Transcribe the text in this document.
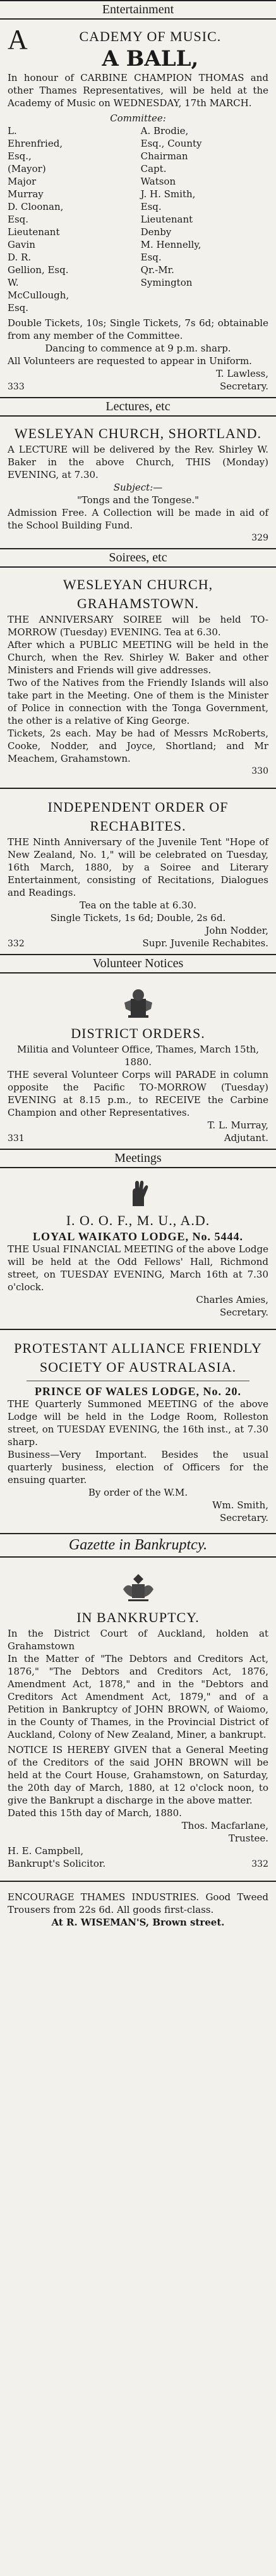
Entertainment
A	CADEMY OF MUSIC.
A BALL,
In honour of CARBINE CHAMPION THOMAS and other Thames Representatives, will be held at the Academy of Music on WEDNESDAY, 17th MARCH.
Committee:
L. Ehrenfried, Esq., (Mayor)
Major Murray
D. Cloonan, Esq.
Lieutenant Gavin
D. R. Gellion, Esq.
W. McCullough, Esq.
A. Brodie, Esq., County Chairman
Capt. Watson
J. H. Smith, Esq.
Lieutenant Denby
M. Hennelly, Esq.
Qr.-Mr. Symington
Double Tickets, 10s; Single Tickets, 7s 6d; obtainable from any member of the Committee.
Dancing to commence at 9 p.m. sharp.
All Volunteers are requested to appear in Uniform.
T. Lawless,
333	Secretary.
Lectures, etc
WESLEYAN CHURCH, SHORTLAND.
A LECTURE will be delivered by the Rev. Shirley W. Baker in the above Church, THIS (Monday) EVENING, at 7.30.
Subject:—
"Tongs and the Tongese."
Admission Free. A Collection will be made in aid of the School Building Fund.
329
Soirees, etc
WESLEYAN CHURCH, GRAHAMSTOWN.
THE ANNIVERSARY SOIREE will be held TO-MORROW (Tuesday) EVENING. Tea at 6.30.
After which a PUBLIC MEETING will be held in the Church, when the Rev. Shirley W. Baker and other Ministers and Friends will give addresses.
Two of the Natives from the Friendly Islands will also take part in the Meeting. One of them is the Minister of Police in connection with the Tonga Government, the other is a relative of King George.
Tickets, 2s each. May be had of Messrs McRoberts, Cooke, Nodder, and Joyce, Shortland; and Mr Meachem, Grahamstown.
330
INDEPENDENT ORDER OF RECHABITES.
THE Ninth Anniversary of the Juvenile Tent "Hope of New Zealand, No. 1," will be celebrated on Tuesday, 16th March, 1880, by a Soiree and Literary Entertainment, consisting of Recitations, Dialogues and Readings.
Tea on the table at 6.30.
Single Tickets, 1s 6d; Double, 2s 6d.
John Nodder,
332	Supr. Juvenile Rechabites.
Volunteer Notices
DISTRICT ORDERS.
Militia and Volunteer Office, Thames, March 15th, 1880.
THE several Volunteer Corps will PARADE in column opposite the Pacific TO-MORROW (Tuesday) EVENING at 8.15 p.m., to RECEIVE the Carbine Champion and other Representatives.
T. L. Murray,
331	Adjutant.
Meetings
I. O. O. F., M. U., A.D.
LOYAL WAIKATO LODGE, No. 5444.
THE Usual FINANCIAL MEETING of the above Lodge will be held at the Odd Fellows' Hall, Richmond street, on TUESDAY EVENING, March 16th at 7.30 o'clock.
Charles Amies,
Secretary.
PROTESTANT ALLIANCE FRIENDLY SOCIETY OF AUSTRALASIA.
PRINCE OF WALES LODGE, No. 20.
THE Quarterly Summoned MEETING of the above Lodge will be held in the Lodge Room, Rolleston street, on TUESDAY EVENING, the 16th inst., at 7.30 sharp.
Business—Very Important. Besides the usual quarterly business, election of Officers for the ensuing quarter.
By order of the W.M.
Wm. Smith,
Secretary.
Gazette in Bankruptcy.
IN BANKRUPTCY.
In the District Court of Auckland, holden at Grahamstown
In the Matter of "The Debtors and Creditors Act, 1876," "The Debtors and Creditors Act, 1876, Amendment Act, 1878," and in the "Debtors and Creditors Act Amendment Act, 1879," and of a Petition in Bankruptcy of JOHN BROWN, of Waiomo, in the County of Thames, in the Provincial District of Auckland, Colony of New Zealand, Miner, a bankrupt.
NOTICE IS HEREBY GIVEN that a General Meeting of the Creditors of the said JOHN BROWN will be held at the Court House, Grahamstown, on Saturday, the 20th day of March, 1880, at 12 o'clock noon, to give the Bankrupt a discharge in the above matter.
Dated this 15th day of March, 1880.
Thos. Macfarlane,
Trustee.
H. E. Campbell,
Bankrupt's Solicitor.	332
ENCOURAGE THAMES INDUSTRIES. Good Tweed Trousers from 22s 6d. All goods first-class.
At R. WISEMAN'S, Brown street.
